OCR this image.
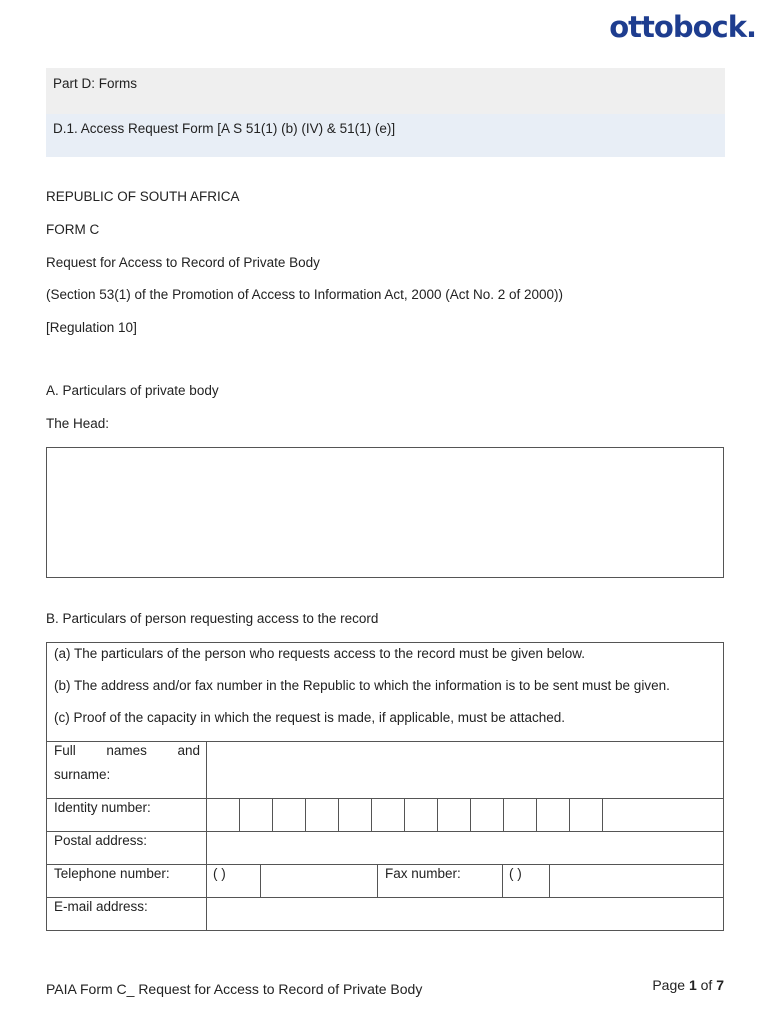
ottobock.
Part D: Forms
D.1. Access Request Form [A S 51(1) (b) (IV) & 51(1) (e)]
REPUBLIC OF SOUTH AFRICA
FORM C
Request for Access to Record of Private Body
(Section 53(1) of the Promotion of Access to Information Act, 2000 (Act No. 2 of 2000))
[Regulation 10]
A. Particulars of private body
The Head:
B. Particulars of person requesting access to the record
(a) The particulars of the person who requests access to the record must be given below.
(b) The address and/or fax number in the Republic to which the information is to be sent must be given.
(c) Proof of the capacity in which the request is made, if applicable, must be attached.
Full names and
surname:
Identity number:
Postal address:
Telephone number:	( )	Fax number:	( )
E-mail address:
PAIA Form C_ Request for Access to Record of Private Body	Page 1 of 7
